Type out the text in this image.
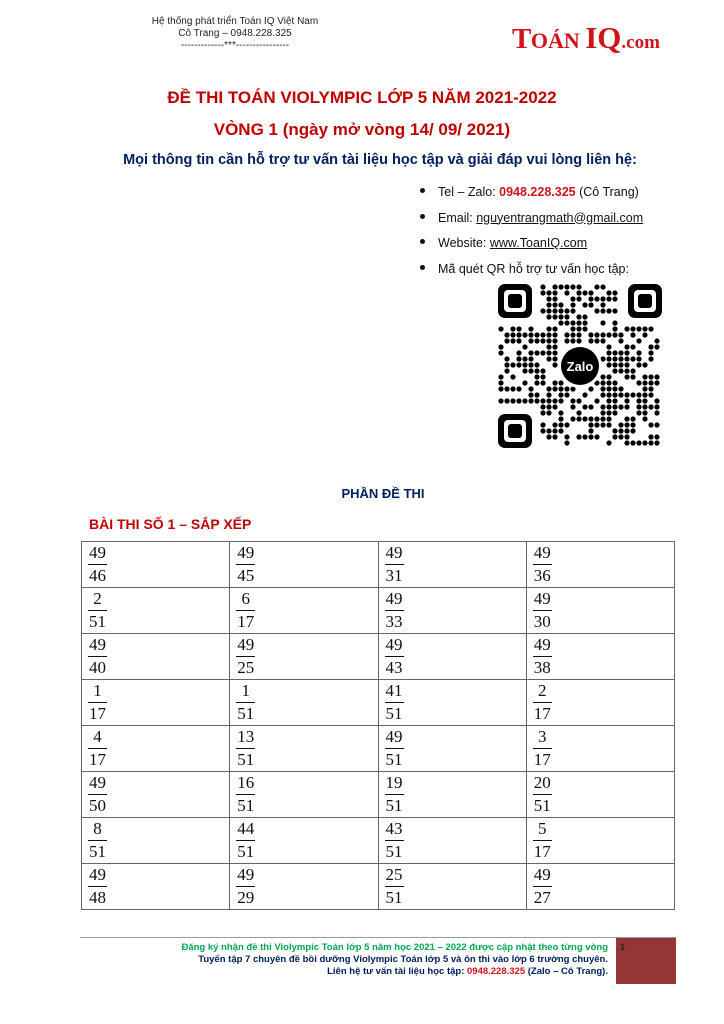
Hệ thống phát triển Toán IQ Việt Nam
Cô Trang – 0948.228.325
-------------***----------------	TOÁN IQ.com
ĐỀ THI TOÁN VIOLYMPIC LỚP 5 NĂM 2021-2022
VÒNG 1 (ngày mở vòng 14/ 09/ 2021)
Mọi thông tin cần hỗ trợ tư vấn tài liệu học tập và giải đáp vui lòng liên hệ:
Tel – Zalo: 0948.228.325 (Cô Trang)
Email: nguyentrangmath@gmail.com
Website: www.ToanIQ.com
Mã quét QR hỗ trợ tư vấn học tập:
Zalo
PHẦN ĐỀ THI
BÀI THI SỐ 1 – SẮP XẾP
$\frac{49}{46}$	$\frac{49}{45}$	$\frac{49}{31}$	$\frac{49}{36}$

$\frac{2}{51}$	$\frac{6}{17}$	$\frac{49}{33}$	$\frac{49}{30}$

$\frac{49}{40}$	$\frac{49}{25}$	$\frac{49}{43}$	$\frac{49}{38}$

$\frac{1}{17}$	$\frac{1}{51}$	$\frac{41}{51}$	$\frac{2}{17}$

$\frac{4}{17}$	$\frac{13}{51}$	$\frac{49}{51}$	$\frac{3}{17}$

$\frac{49}{50}$	$\frac{16}{51}$	$\frac{19}{51}$	$\frac{20}{51}$

$\frac{8}{51}$	$\frac{44}{51}$	$\frac{43}{51}$	$\frac{5}{17}$

$\frac{49}{48}$	$\frac{49}{29}$	$\frac{25}{51}$	$\frac{49}{27}$
Đăng ký nhận đề thi Violympic Toán lớp 5 năm học 2021 – 2022 được cập nhật theo từng vòng
Tuyển tập 7 chuyên đề bồi dưỡng Violympic Toán lớp 5 và ôn thi vào lớp 6 trường chuyên.
Liên hệ tư vấn tài liệu học tập: 0948.228.325 (Zalo – Cô Trang).
1
